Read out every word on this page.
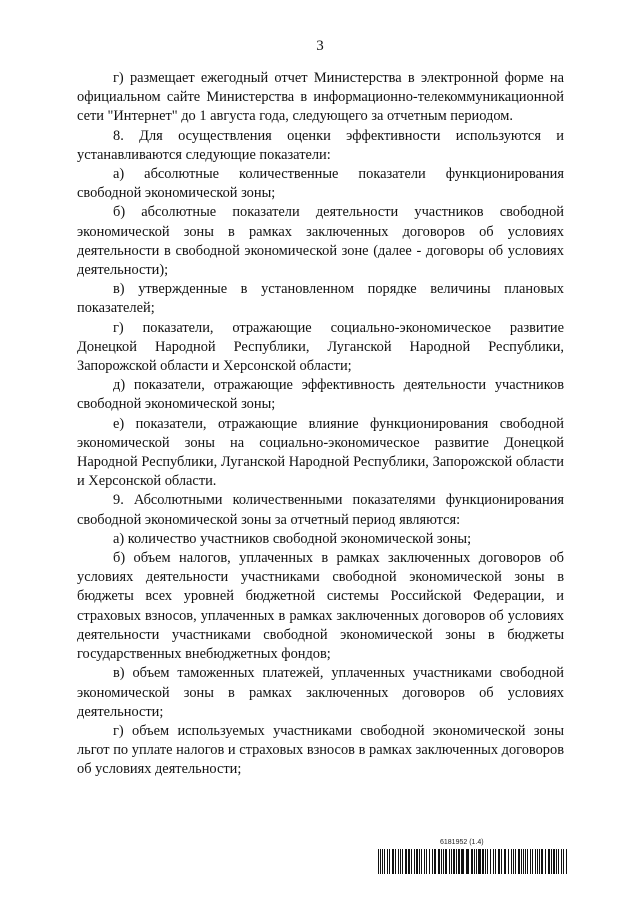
3

г) размещает ежегодный отчет Министерства в электронной форме на официальном сайте Министерства в информационно-телекоммуникационной сети "Интернет" до 1 августа года, следующего за отчетным периодом.

8. Для осуществления оценки эффективности используются и устанавливаются следующие показатели:

а) абсолютные количественные показатели функционирования свободной экономической зоны;

б) абсолютные показатели деятельности участников свободной экономической зоны в рамках заключенных договоров об условиях деятельности в свободной экономической зоне (далее - договоры об условиях деятельности);

в) утвержденные в установленном порядке величины плановых показателей;

г) показатели, отражающие социально-экономическое развитие Донецкой Народной Республики, Луганской Народной Республики, Запорожской области и Херсонской области;

д) показатели, отражающие эффективность деятельности участников свободной экономической зоны;

е) показатели, отражающие влияние функционирования свободной экономической зоны на социально-экономическое развитие Донецкой Народной Республики, Луганской Народной Республики, Запорожской области и Херсонской области.

9. Абсолютными количественными показателями функционирования свободной экономической зоны за отчетный период являются:

а) количество участников свободной экономической зоны;

б) объем налогов, уплаченных в рамках заключенных договоров об условиях деятельности участниками свободной экономической зоны в бюджеты всех уровней бюджетной системы Российской Федерации, и страховых взносов, уплаченных в рамках заключенных договоров об условиях деятельности участниками свободной экономической зоны в бюджеты государственных внебюджетных фондов;

в) объем таможенных платежей, уплаченных участниками свободной экономической зоны в рамках заключенных договоров об условиях деятельности;

г) объем используемых участниками свободной экономической зоны льгот по уплате налогов и страховых взносов в рамках заключенных договоров об условиях деятельности;

6181952 (1.4)
